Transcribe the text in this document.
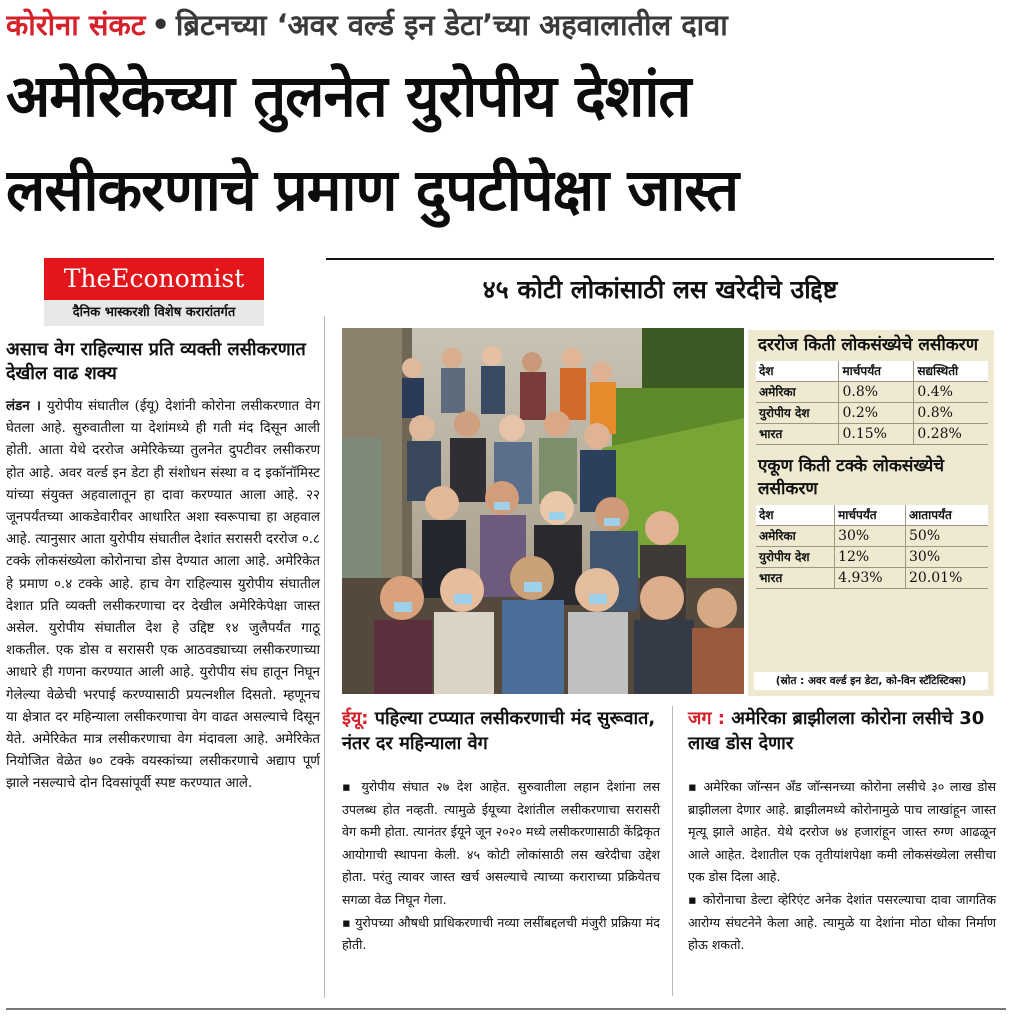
कोरोना संकट • ब्रिटनच्या ‘अवर वर्ल्ड इन डेटा’च्या अहवालातील दावा
अमेरिकेच्या तुलनेत युरोपीय देशांत
लसीकरणाचे प्रमाण दुपटीपेक्षा जास्त
TheEconomist
दैनिक भास्करशी विशेष करारांतर्गत
४५ कोटी लोकांसाठी लस खरेदीचे उद्दिष्ट
असाच वेग राहिल्यास प्रति व्यक्ती लसीकरणात देखील वाढ शक्य
लंडन । युरोपीय संघातील (ईयू) देशांनी कोरोना लसीकरणात वेग घेतला आहे. सुरुवातीला या देशांमध्ये ही गती मंद दिसून आली होती. आता येथे दररोज अमेरिकेच्या तुलनेत दुपटीवर लसीकरण होत आहे. अवर वर्ल्ड इन डेटा ही संशोधन संस्था व द इकॉनॉमिस्ट यांच्या संयुक्त अहवालातून हा दावा करण्यात आला आहे. २२ जूनपर्यंतच्या आकडेवारीवर आधारित अशा स्वरूपाचा हा अहवाल आहे. त्यानुसार आता युरोपीय संघातील देशांत सरासरी दररोज ०.८ टक्के लोकसंख्येला कोरोनाचा डोस देण्यात आला आहे. अमेरिकेत हे प्रमाण ०.४ टक्के आहे. हाच वेग राहिल्यास युरोपीय संघातील देशात प्रति व्यक्ती लसीकरणाचा दर देखील अमेरिकेपेक्षा जास्त असेल. युरोपीय संघातील देश हे उद्दिष्ट १४ जुलैपर्यंत गाठू शकतील. एक डोस व सरासरी एक आठवड्याच्या लसीकरणाच्या आधारे ही गणना करण्यात आली आहे. युरोपीय संघ हातून निघून गेलेल्या वेळेची भरपाई करण्यासाठी प्रयत्नशील दिसतो. म्हणूनच या क्षेत्रात दर महिन्याला लसीकरणाचा वेग वाढत असल्याचे दिसून येते. अमेरिकेत मात्र लसीकरणाचा वेग मंदावला आहे. अमेरिकेत नियोजित वेळेत ७० टक्के वयस्कांच्या लसीकरणाचे अद्याप पूर्ण झाले नसल्याचे दोन दिवसांपूर्वी स्पष्ट करण्यात आले.
दररोज किती लोकसंख्येचे लसीकरण
देश	मार्चपर्यंत	सद्यस्थिती
अमेरिका	0.8%	0.4%
युरोपीय देश	0.2%	0.8%
भारत	0.15%	0.28%
एकूण किती टक्के लोकसंख्येचे लसीकरण
देश	मार्चपर्यंत	आतापर्यंत
अमेरिका	30%	50%
युरोपीय देश	12%	30%
भारत	4.93%	20.01%
(स्रोत : अवर वर्ल्ड इन डेटा, को-विन स्टॅटिस्टिक्स)
ईयू: पहिल्या टप्प्यात लसीकरणाची मंद सुरूवात, नंतर दर महिन्याला वेग
▪ युरोपीय संघात २७ देश आहेत. सुरुवातीला लहान देशांना लस उपलब्ध होत नव्हती. त्यामुळे ईयूच्या देशांतील लसीकरणाचा सरासरी वेग कमी होता. त्यानंतर ईयूने जून २०२० मध्ये लसीकरणासाठी केंद्रिकृत आयोगाची स्थापना केली. ४५ कोटी लोकांसाठी लस खरेदीचा उद्देश होता. परंतु त्यावर जास्त खर्च असल्याचे त्याच्या कराराच्या प्रक्रियेतच सगळा वेळ निघून गेला.
▪ युरोपच्या औषधी प्राधिकरणाची नव्या लसींबद्दलची मंजुरी प्रक्रिया मंद होती.
जग : अमेरिका ब्राझीलला कोरोना लसीचे 30 लाख डोस देणार
▪ अमेरिका जॉन्सन अँड जॉन्सनच्या कोरोना लसीचे ३० लाख डोस ब्राझीलला देणार आहे. ब्राझीलमध्ये कोरोनामुळे पाच लाखांहून जास्त मृत्यू झाले आहेत. येथे दररोज ७४ हजारांहून जास्त रुग्ण आढळून आले आहेत. देशातील एक तृतीयांशपेक्षा कमी लोकसंख्येला लसीचा एक डोस दिला आहे.
▪ कोरोनाचा डेल्टा व्हेरिएंट अनेक देशांत पसरल्याचा दावा जागतिक आरोग्य संघटनेने केला आहे. त्यामुळे या देशांना मोठा धोका निर्माण होऊ शकतो.
